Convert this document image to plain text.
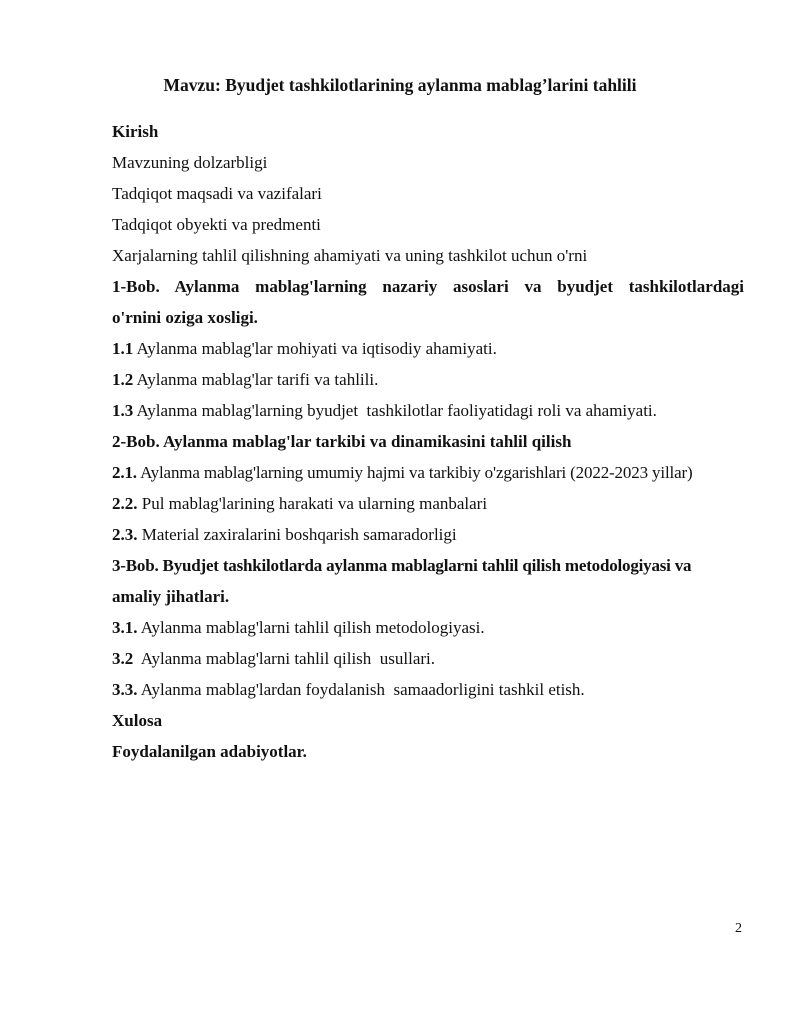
Mavzu: Byudjet tashkilotlarining aylanma mablag’larini tahlili
Kirish
Mavzuning dolzarbligi
Tadqiqot maqsadi va vazifalari
Tadqiqot obyekti va predmenti
Xarjalarning tahlil qilishning ahamiyati va uning tashkilot uchun o'rni
1-Bob. Aylanma mablag'larning nazariy asoslari va byudjet tashkilotlardagi
o'rnini oziga xosligi.
1.1 Aylanma mablag'lar mohiyati va iqtisodiy ahamiyati.
1.2 Aylanma mablag'lar tarifi va tahlili.
1.3 Aylanma mablag'larning byudjet  tashkilotlar faoliyatidagi roli va ahamiyati.
2-Bob. Aylanma mablag'lar tarkibi va dinamikasini tahlil qilish
2.1. Aylanma mablag'larning umumiy hajmi va tarkibiy o'zgarishlari (2022-2023 yillar)
2.2. Pul mablag'larining harakati va ularning manbalari
2.3. Material zaxiralarini boshqarish samaradorligi
3-Bob. Byudjet tashkilotlarda aylanma mablaglarni tahlil qilish metodologiyasi va
amaliy jihatlari.
3.1. Aylanma mablag'larni tahlil qilish metodologiyasi.
3.2  Aylanma mablag'larni tahlil qilish  usullari.
3.3. Aylanma mablag'lardan foydalanish  samaadorligini tashkil etish.
Xulosa
Foydalanilgan adabiyotlar.
2
